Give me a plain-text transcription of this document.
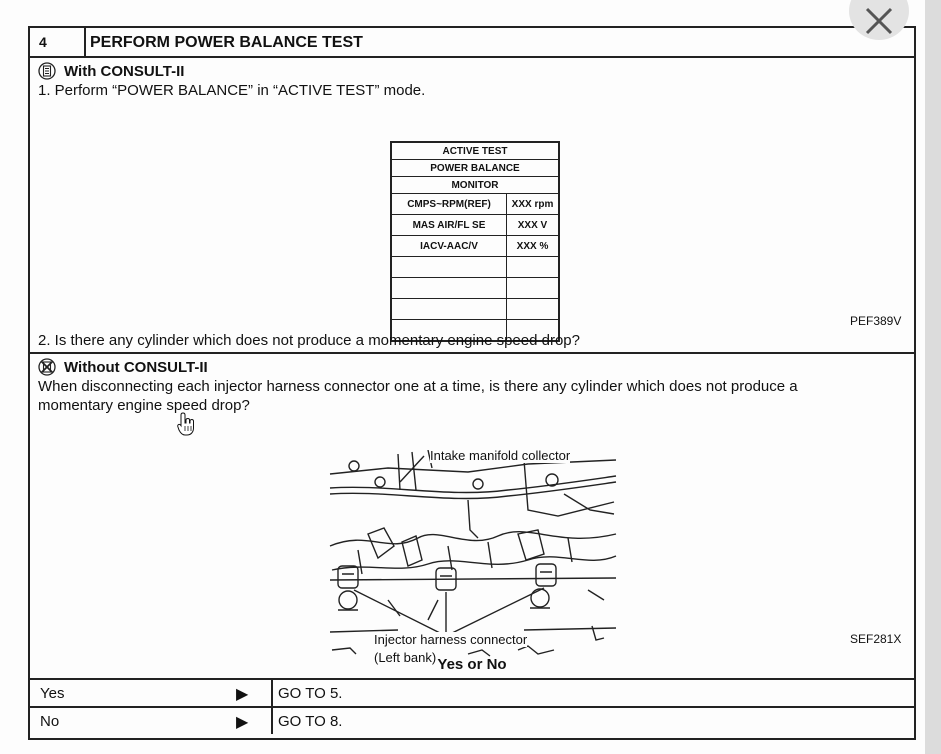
4	PERFORM POWER BALANCE TEST
With CONSULT-II
1. Perform “POWER BALANCE” in “ACTIVE TEST” mode.
ACTIVE TEST	
POWER BALANCE	
MONITOR	
CMPS~RPM(REF)	XXX rpm
MAS AIR/FL SE	XXX V
IACV-AAC/V	XXX %

PEF389V
2. Is there any cylinder which does not produce a momentary engine speed drop?
Without CONSULT-II
When disconnecting each injector harness connector one at a time, is there any cylinder which does not produce a
momentary engine speed drop?
Intake manifold collector
Injector harness connector
(Left bank)
SEF281X
Yes or No
Yes	▶ GO TO 5.
No	▶ GO TO 8.
